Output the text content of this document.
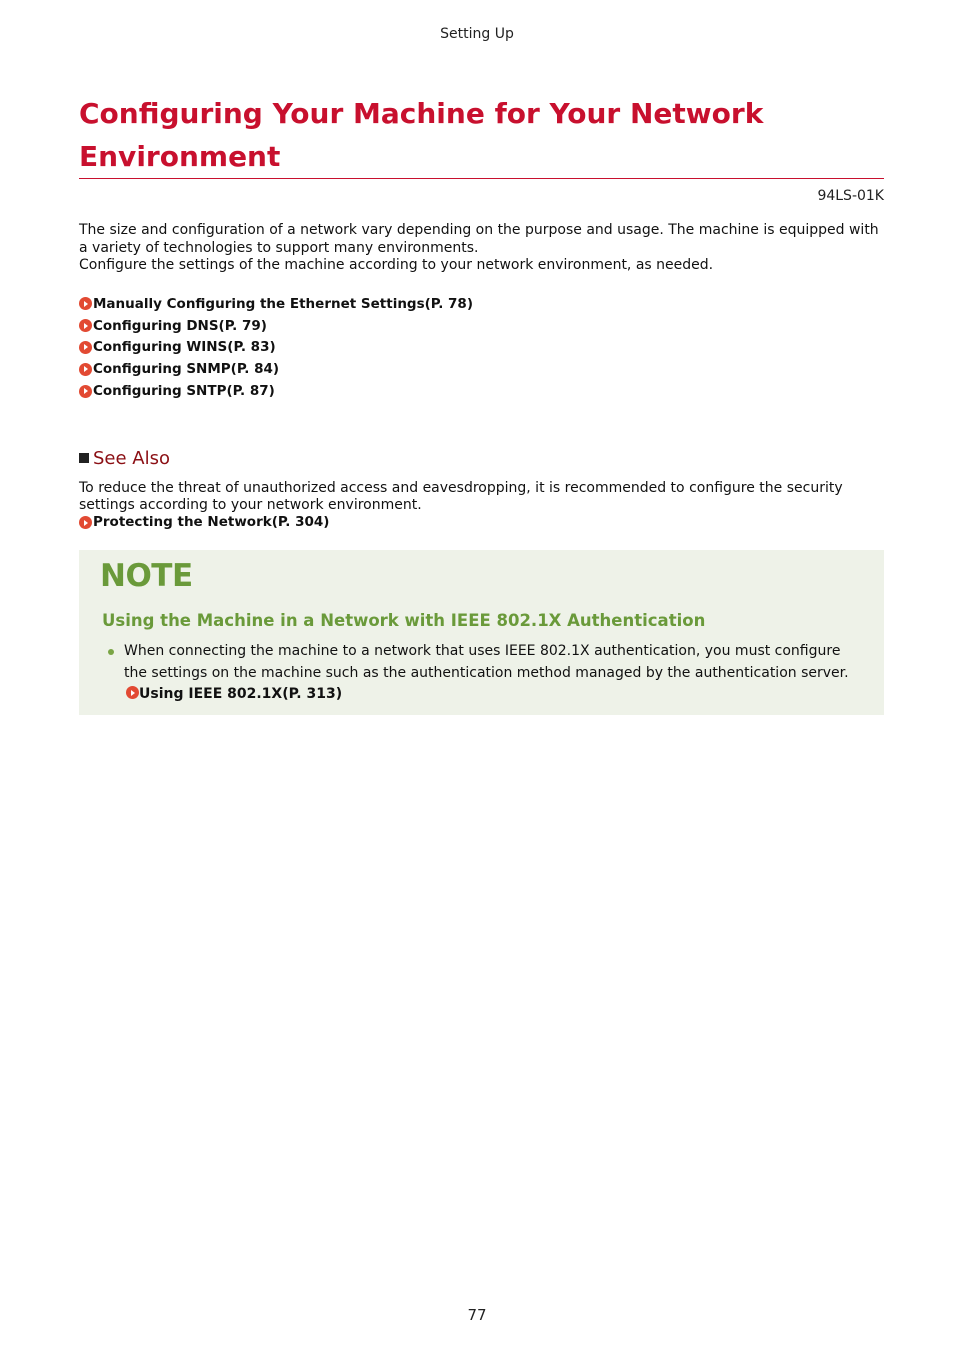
Setting Up
Configuring Your Machine for Your Network Environment
94LS-01K

The size and configuration of a network vary depending on the purpose and usage. The machine is equipped with a variety of technologies to support many environments.

Configure the settings of the machine according to your network environment, as needed.

Manually Configuring the Ethernet Settings(P. 78)
Configuring DNS(P. 79)
Configuring WINS(P. 83)
Configuring SNMP(P. 84)
Configuring SNTP(P. 87)
See Also

To reduce the threat of unauthorized access and eavesdropping, it is recommended to configure the security settings according to your network environment.

Protecting the Network(P. 304)
NOTE
Using the Machine in a Network with IEEE 802.1X Authentication
When connecting the machine to a network that uses IEEE 802.1X authentication, you must configure the settings on the machine such as the authentication method managed by the authentication server. Using IEEE 802.1X(P. 313)
77
